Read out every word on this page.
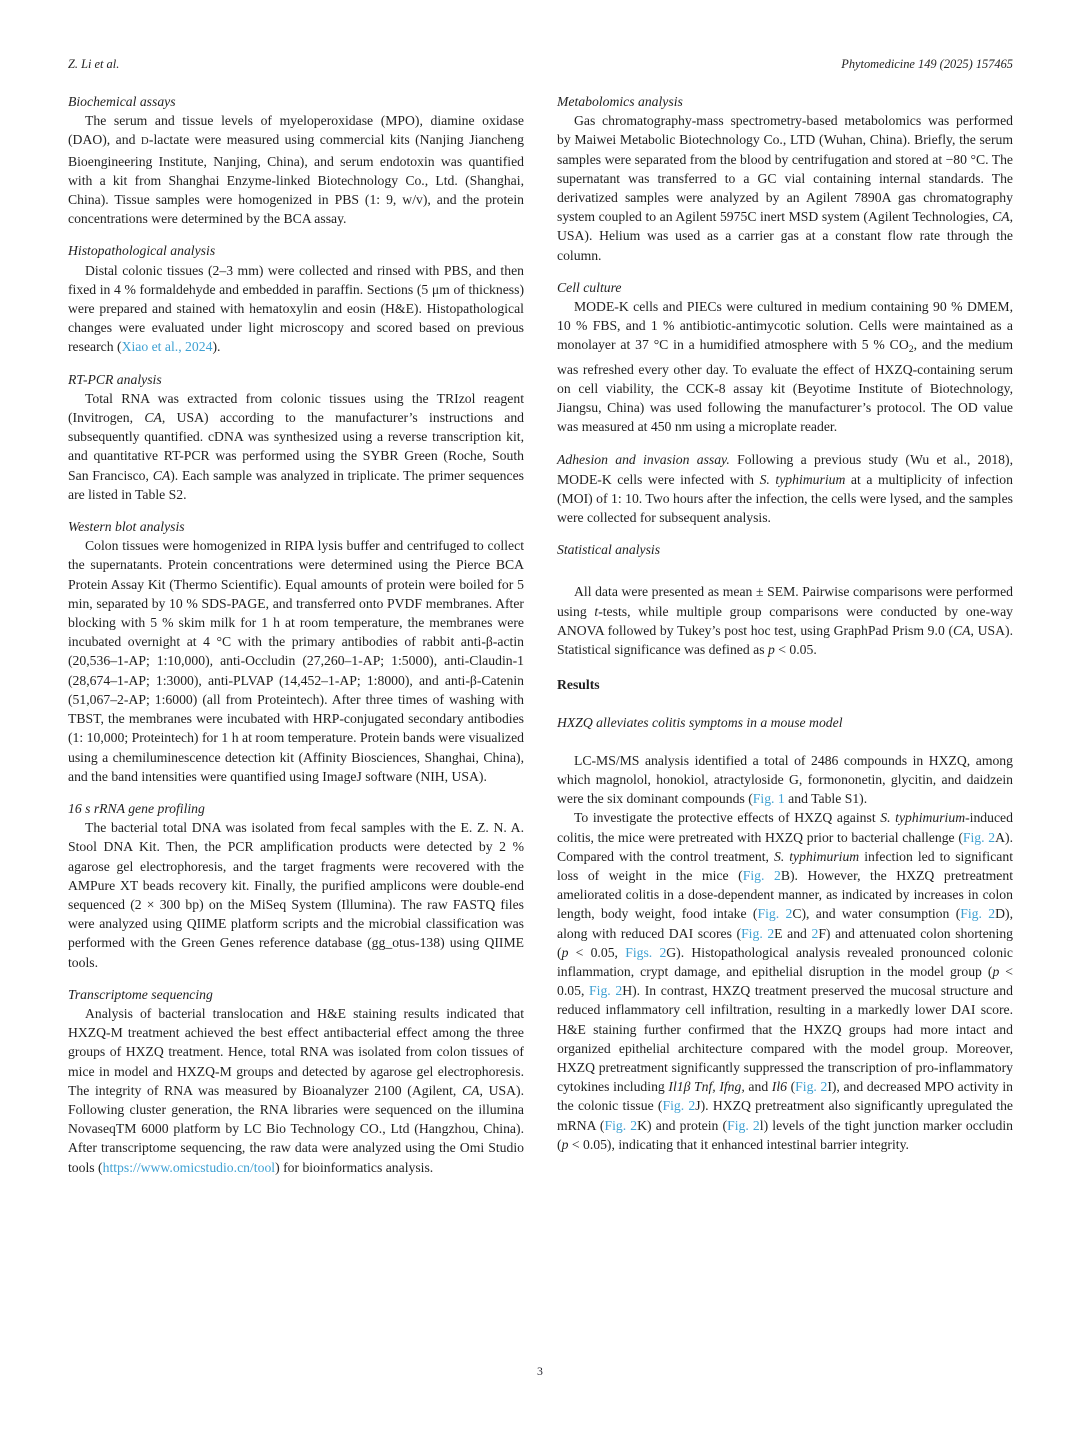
Z. Li et al.	Phytomedicine 149 (2025) 157465
Biochemical assays

The serum and tissue levels of myeloperoxidase (MPO), diamine oxidase (DAO), and D-lactate were measured using commercial kits (Nanjing Jiancheng Bioengineering Institute, Nanjing, China), and serum endotoxin was quantified with a kit from Shanghai Enzyme-linked Biotechnology Co., Ltd. (Shanghai, China). Tissue samples were homogenized in PBS (1: 9, w/v), and the protein concentrations were determined by the BCA assay.

Histopathological analysis

Distal colonic tissues (2–3 mm) were collected and rinsed with PBS, and then fixed in 4 % formaldehyde and embedded in paraffin. Sections (5 μm of thickness) were prepared and stained with hematoxylin and eosin (H&E). Histopathological changes were evaluated under light microscopy and scored based on previous research (Xiao et al., 2024).

RT-PCR analysis

Total RNA was extracted from colonic tissues using the TRIzol reagent (Invitrogen, CA, USA) according to the manufacturer’s instructions and subsequently quantified. cDNA was synthesized using a reverse transcription kit, and quantitative RT-PCR was performed using the SYBR Green (Roche, South San Francisco, CA). Each sample was analyzed in triplicate. The primer sequences are listed in Table S2.

Western blot analysis

Colon tissues were homogenized in RIPA lysis buffer and centrifuged to collect the supernatants. Protein concentrations were determined using the Pierce BCA Protein Assay Kit (Thermo Scientific). Equal amounts of protein were boiled for 5 min, separated by 10 % SDS-PAGE, and transferred onto PVDF membranes. After blocking with 5 % skim milk for 1 h at room temperature, the membranes were incubated overnight at 4 °C with the primary antibodies of rabbit anti-β-actin (20,536–1-AP; 1:10,000), anti-Occludin (27,260–1-AP; 1:5000), anti-Claudin-1 (28,674–1-AP; 1:3000), anti-PLVAP (14,452–1-AP; 1:8000), and anti-β-Catenin (51,067–2-AP; 1:6000) (all from Proteintech). After three times of washing with TBST, the membranes were incubated with HRP-conjugated secondary antibodies (1: 10,000; Proteintech) for 1 h at room temperature. Protein bands were visualized using a chemiluminescence detection kit (Affinity Biosciences, Shanghai, China), and the band intensities were quantified using ImageJ software (NIH, USA).

16 s rRNA gene profiling

The bacterial total DNA was isolated from fecal samples with the E. Z. N. A. Stool DNA Kit. Then, the PCR amplification products were detected by 2 % agarose gel electrophoresis, and the target fragments were recovered with the AMPure XT beads recovery kit. Finally, the purified amplicons were double-end sequenced (2 × 300 bp) on the MiSeq System (Illumina). The raw FASTQ files were analyzed using QIIME platform scripts and the microbial classification was performed with the Green Genes reference database (gg_otus-138) using QIIME tools.

Transcriptome sequencing

Analysis of bacterial translocation and H&E staining results indicated that HXZQ-M treatment achieved the best effect antibacterial effect among the three groups of HXZQ treatment. Hence, total RNA was isolated from colon tissues of mice in model and HXZQ-M groups and detected by agarose gel electrophoresis. The integrity of RNA was measured by Bioanalyzer 2100 (Agilent, CA, USA). Following cluster generation, the RNA libraries were sequenced on the illumina NovaseqTM 6000 platform by LC Bio Technology CO., Ltd (Hangzhou, China). After transcriptome sequencing, the raw data were analyzed using the Omi Studio tools (https://www.omicstudio.cn/tool) for bioinformatics analysis.

Metabolomics analysis

Gas chromatography-mass spectrometry-based metabolomics was performed by Maiwei Metabolic Biotechnology Co., LTD (Wuhan, China). Briefly, the serum samples were separated from the blood by centrifugation and stored at −80 °C. The supernatant was transferred to a GC vial containing internal standards. The derivatized samples were analyzed by an Agilent 7890A gas chromatography system coupled to an Agilent 5975C inert MSD system (Agilent Technologies, CA, USA). Helium was used as a carrier gas at a constant flow rate through the column.

Cell culture

MODE-K cells and PIECs were cultured in medium containing 90 % DMEM, 10 % FBS, and 1 % antibiotic-antimycotic solution. Cells were maintained as a monolayer at 37 °C in a humidified atmosphere with 5 % $CO_2$, and the medium was refreshed every other day. To evaluate the effect of HXZQ-containing serum on cell viability, the CCK-8 assay kit (Beyotime Institute of Biotechnology, Jiangsu, China) was used following the manufacturer’s protocol. The OD value was measured at 450 nm using a microplate reader.

Adhesion and invasion assay. Following a previous study (Wu et al., 2018), MODE-K cells were infected with S. typhimurium at a multiplicity of infection (MOI) of 1: 10. Two hours after the infection, the cells were lysed, and the samples were collected for subsequent analysis.

Statistical analysis

All data were presented as mean ± SEM. Pairwise comparisons were performed using t-tests, while multiple group comparisons were conducted by one-way ANOVA followed by Tukey’s post hoc test, using GraphPad Prism 9.0 (CA, USA). Statistical significance was defined as p < 0.05.

Results
HXZQ alleviates colitis symptoms in a mouse model

LC-MS/MS analysis identified a total of 2486 compounds in HXZQ, among which magnolol, honokiol, atractyloside G, formononetin, glycitin, and daidzein were the six dominant compounds (Fig. 1 and Table S1).

To investigate the protective effects of HXZQ against S. typhimurium-induced colitis, the mice were pretreated with HXZQ prior to bacterial challenge (Fig. 2A). Compared with the control treatment, S. typhimurium infection led to significant loss of weight in the mice (Fig. 2B). However, the HXZQ pretreatment ameliorated colitis in a dose-dependent manner, as indicated by increases in colon length, body weight, food intake (Fig. 2C), and water consumption (Fig. 2D), along with reduced DAI scores (Fig. 2E and 2F) and attenuated colon shortening (p < 0.05, Figs. 2G). Histopathological analysis revealed pronounced colonic inflammation, crypt damage, and epithelial disruption in the model group (p < 0.05, Fig. 2H). In contrast, HXZQ treatment preserved the mucosal structure and reduced inflammatory cell infiltration, resulting in a markedly lower DAI score. H&E staining further confirmed that the HXZQ groups had more intact and organized epithelial architecture compared with the model group. Moreover, HXZQ pretreatment significantly suppressed the transcription of pro-inflammatory cytokines including Il1β Tnf, Ifng, and Il6 (Fig. 2I), and decreased MPO activity in the colonic tissue (Fig. 2J). HXZQ pretreatment also significantly upregulated the mRNA (Fig. 2K) and protein (Fig. 2l) levels of the tight junction marker occludin (p < 0.05), indicating that it enhanced intestinal barrier integrity.

3
